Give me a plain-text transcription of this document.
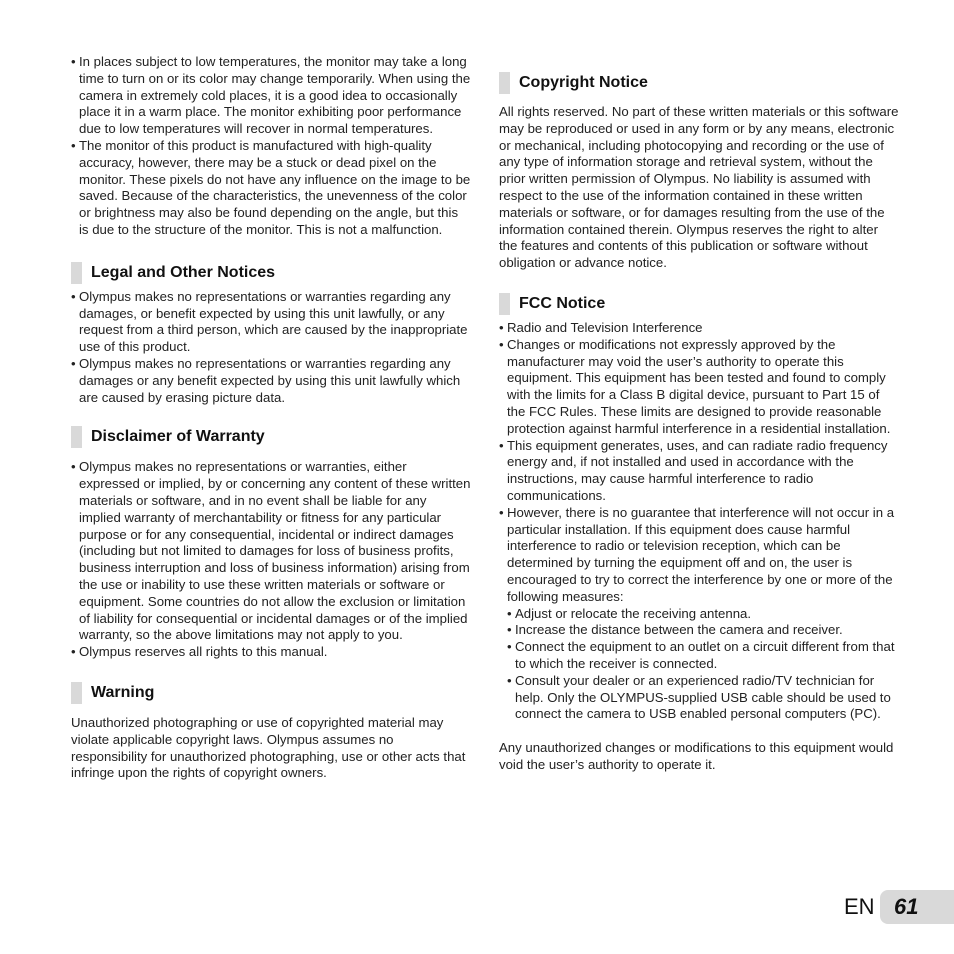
• In places subject to low temperatures, the monitor may take a long time to turn on or its color may change temporarily. When using the camera in extremely cold places, it is a good idea to occasionally place it in a warm place. The monitor exhibiting poor performance due to low temperatures will recover in normal temperatures.
• The monitor of this product is manufactured with high-quality accuracy, however, there may be a stuck or dead pixel on the monitor. These pixels do not have any influence on the image to be saved. Because of the characteristics, the unevenness of the color or brightness may also be found depending on the angle, but this is due to the structure of the monitor. This is not a malfunction.
Legal and Other Notices
• Olympus makes no representations or warranties regarding any damages, or benefit expected by using this unit lawfully, or any request from a third person, which are caused by the inappropriate use of this product.
• Olympus makes no representations or warranties regarding any damages or any benefit expected by using this unit lawfully which are caused by erasing picture data.
Disclaimer of Warranty
• Olympus makes no representations or warranties, either expressed or implied, by or concerning any content of these written materials or software, and in no event shall be liable for any implied warranty of merchantability or fitness for any particular purpose or for any consequential, incidental or indirect damages (including but not limited to damages for loss of business profits, business interruption and loss of business information) arising from the use or inability to use these written materials or software or equipment. Some countries do not allow the exclusion or limitation of liability for consequential or incidental damages or of the implied warranty, so the above limitations may not apply to you.
• Olympus reserves all rights to this manual.
Warning

Unauthorized photographing or use of copyrighted material may violate applicable copyright laws. Olympus assumes no responsibility for unauthorized photographing, use or other acts that infringe upon the rights of copyright owners.

Copyright Notice

All rights reserved. No part of these written materials or this software may be reproduced or used in any form or by any means, electronic or mechanical, including photocopying and recording or the use of any type of information storage and retrieval system, without the prior written permission of Olympus. No liability is assumed with respect to the use of the information contained in these written materials or software, or for damages resulting from the use of the information contained therein. Olympus reserves the right to alter the features and contents of this publication or software without obligation or advance notice.

FCC Notice
• Radio and Television Interference
• Changes or modifications not expressly approved by the manufacturer may void the user’s authority to operate this equipment. This equipment has been tested and found to comply with the limits for a Class B digital device, pursuant to Part 15 of the FCC Rules. These limits are designed to provide reasonable protection against harmful interference in a residential installation.
• This equipment generates, uses, and can radiate radio frequency energy and, if not installed and used in accordance with the instructions, may cause harmful interference to radio communications.
• However, there is no guarantee that interference will not occur in a particular installation. If this equipment does cause harmful interference to radio or television reception, which can be determined by turning the equipment off and on, the user is encouraged to try to correct the interference by one or more of the following measures:
• Adjust or relocate the receiving antenna.
• Increase the distance between the camera and receiver.
• Connect the equipment to an outlet on a circuit different from that to which the receiver is connected.
• Consult your dealer or an experienced radio/TV technician for help. Only the OLYMPUS-supplied USB cable should be used to connect the camera to USB enabled personal computers (PC).

Any unauthorized changes or modifications to this equipment would void the user’s authority to operate it.

EN 61
